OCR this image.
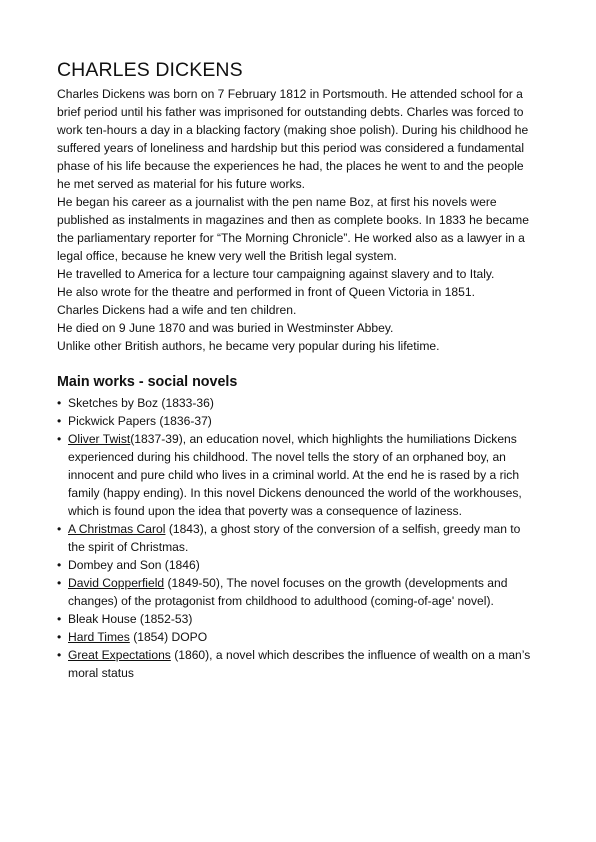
CHARLES DICKENS

Charles Dickens was born on 7 February 1812 in Portsmouth. He attended school for a brief period until his father was imprisoned for outstanding debts. Charles was forced to work ten-hours a day in a blacking factory (making shoe polish). During his childhood he suffered years of loneliness and hardship but this period was considered a fundamental phase of his life because the experiences he had, the places he went to and the people he met served as material for his future works.

He began his career as a journalist with the pen name Boz, at first his novels were published as instalments in magazines and then as complete books. In 1833 he became the parliamentary reporter for “The Morning Chronicle”. He worked also as a lawyer in a legal office, because he knew very well the British legal system.

He travelled to America for a lecture tour campaigning against slavery and to Italy.

He also wrote for the theatre and performed in front of Queen Victoria in 1851.

Charles Dickens had a wife and ten children.

He died on 9 June 1870 and was buried in Westminster Abbey.

Unlike other British authors, he became very popular during his lifetime.

Main works - social novels
• Sketches by Boz (1833-36)
• Pickwick Papers (1836-37)
• Oliver Twist(1837-39), an education novel, which highlights the humiliations Dickens experienced during his childhood. The novel tells the story of an orphaned boy, an innocent and pure child who lives in a criminal world. At the end he is rased by a rich family (happy ending). In this novel Dickens denounced the world of the workhouses, which is found upon the idea that poverty was a consequence of laziness.
• A Christmas Carol (1843), a ghost story of the conversion of a selfish, greedy man to the spirit of Christmas.
• Dombey and Son (1846)
• David Copperfield (1849-50), The novel focuses on the growth (developments and changes) of the protagonist from childhood to adulthood (coming-of-age' novel).
• Bleak House (1852-53)
• Hard Times (1854) DOPO
• Great Expectations (1860), a novel which describes the influence of wealth on a man’s moral status
